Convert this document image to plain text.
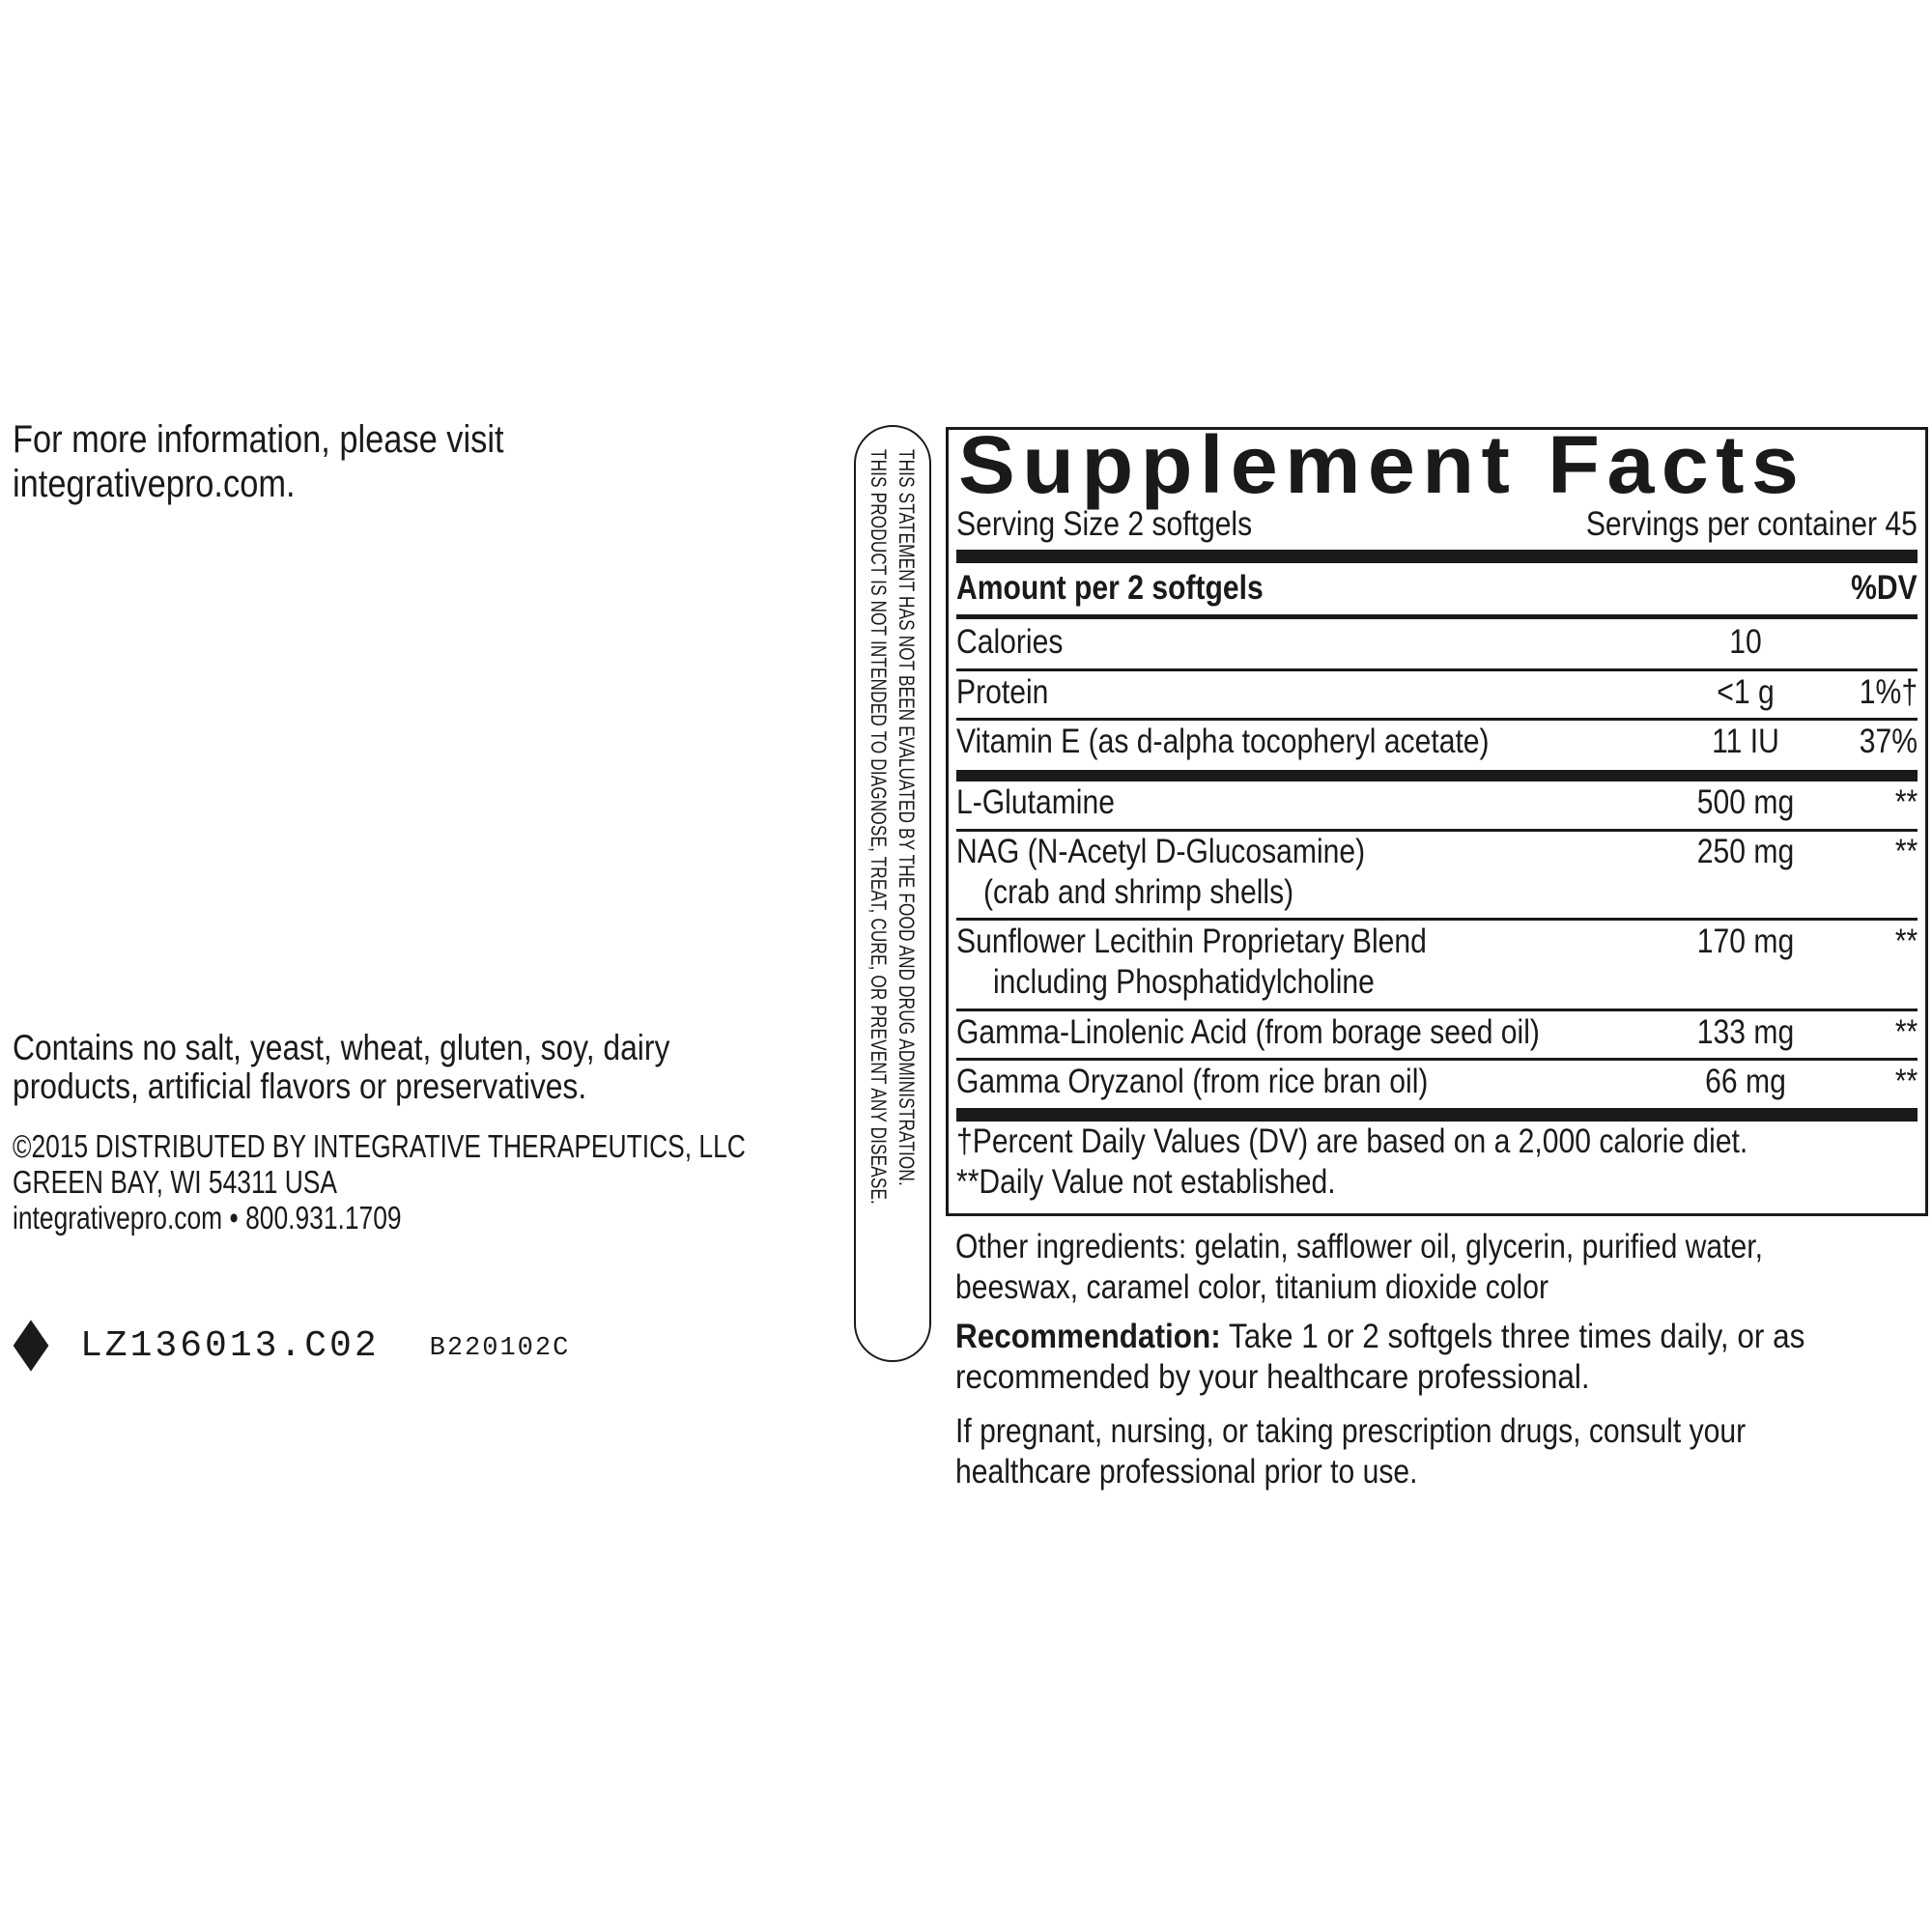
For more information, please visit
integrativepro.com.
Contains no salt, yeast, wheat, gluten, soy, dairy
products, artificial flavors or preservatives.
©2015 DISTRIBUTED BY INTEGRATIVE THERAPEUTICS, LLC
GREEN BAY, WI 54311 USA
integrativepro.com • 800.931.1709
LZ136013.C02 B220102C
THIS STATEMENT HAS NOT BEEN EVALUATED BY THE FOOD AND DRUG ADMINISTRATION.
THIS PRODUCT IS NOT INTENDED TO DIAGNOSE, TREAT, CURE, OR PREVENT ANY DISEASE. Supplement Facts
Serving Size 2 softgels	Servings per container 45
Amount per 2 softgels	%DV
Calories	10
Protein	<1 g	1%†
Vitamin E (as d-alpha tocopheryl acetate)	11 IU	37%
L-Glutamine	500 mg	**
NAG (N-Acetyl D-Glucosamine)
(crab and shrimp shells)
250 mg	**
Sunflower Lecithin Proprietary Blend
including Phosphatidylcholine
170 mg	**
Gamma-Linolenic Acid (from borage seed oil)	133 mg	**
Gamma Oryzanol (from rice bran oil)	66 mg	**
†Percent Daily Values (DV) are based on a 2,000 calorie diet.
**Daily Value not established.
Other ingredients: gelatin, safflower oil, glycerin, purified water,
beeswax, caramel color, titanium dioxide color
Recommendation: Take 1 or 2 softgels three times daily, or as
recommended by your healthcare professional.
If pregnant, nursing, or taking prescription drugs, consult your
healthcare professional prior to use.
